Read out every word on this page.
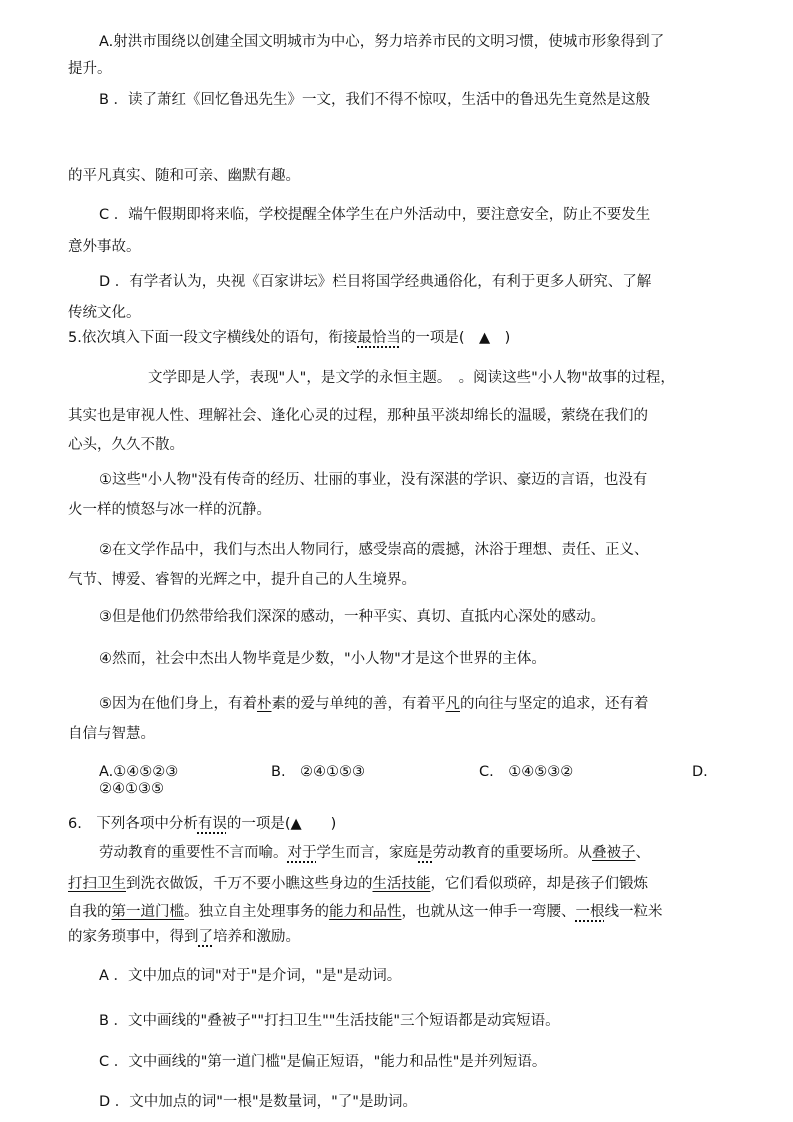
A.射洪市围绕以创建全国文明城市为中心，努力培养市民的文明习惯，使城市形象得到了
提升。
B ．读了萧红《回忆鲁迅先生》一文，我们不得不惊叹，生活中的鲁迅先生竟然是这般
的平凡真实、随和可亲、幽默有趣。
C ．端午假期即将来临，学校提醒全体学生在户外活动中，要注意安全，防止不要发生
意外事故。
D ．有学者认为，央视《百家讲坛》栏目将国学经典通俗化，有利于更多人研究、了解
传统文化。
5.依次填入下面一段文字横线处的语句，衔接最恰当的一项是(　▲　)
文学即是人学，表现"人"，是文学的永恒主题。　。阅读这些"小人物"故事的过程，
其实也是审视人性、理解社会、逢化心灵的过程，那种虽平淡却绵长的温暖，萦绕在我们的
心头，久久不散。
①这些"小人物"没有传奇的经历、壮丽的事业，没有深湛的学识、豪迈的言语，也没有
火一样的愤怒与冰一样的沉静。
②在文学作品中，我们与杰出人物同行，感受崇高的震撼，沐浴于理想、责任、正义、
气节、博爱、睿智的光辉之中，提升自己的人生境界。
③但是他们仍然带给我们深深的感动，一种平实、真切、直抵内心深处的感动。
④然而，社会中杰出人物毕竟是少数，"小人物"才是这个世界的主体。
⑤因为在他们身上，有着朴素的爱与单纯的善，有着平凡的向往与坚定的追求，还有着
自信与智慧。
A.①④⑤②③	B.　②④①⑤③	C.　①④⑤③②	D.
②④①③⑤
6.　下列各项中分析有误的一项是(▲　　)
劳动教育的重要性不言而喻。对于学生而言，家庭是劳动教育的重要场所。从叠被子、
打扫卫生到洗衣做饭，千万不要小瞧这些身边的生活技能，它们看似琐碎，却是孩子们锻炼
自我的第一道门槛。独立自主处理事务的能力和品性，也就从这一伸手一弯腰、一根线一粒米
的家务琐事中，得到了培养和激励。
A ．文中加点的词"对于"是介词，"是"是动词。
B ．文中画线的"叠被子""打扫卫生""生活技能"三个短语都是动宾短语。
C ．文中画线的"第一道门槛"是偏正短语，"能力和品性"是并列短语。
D ．文中加点的词"一根"是数量词，"了"是助词。
